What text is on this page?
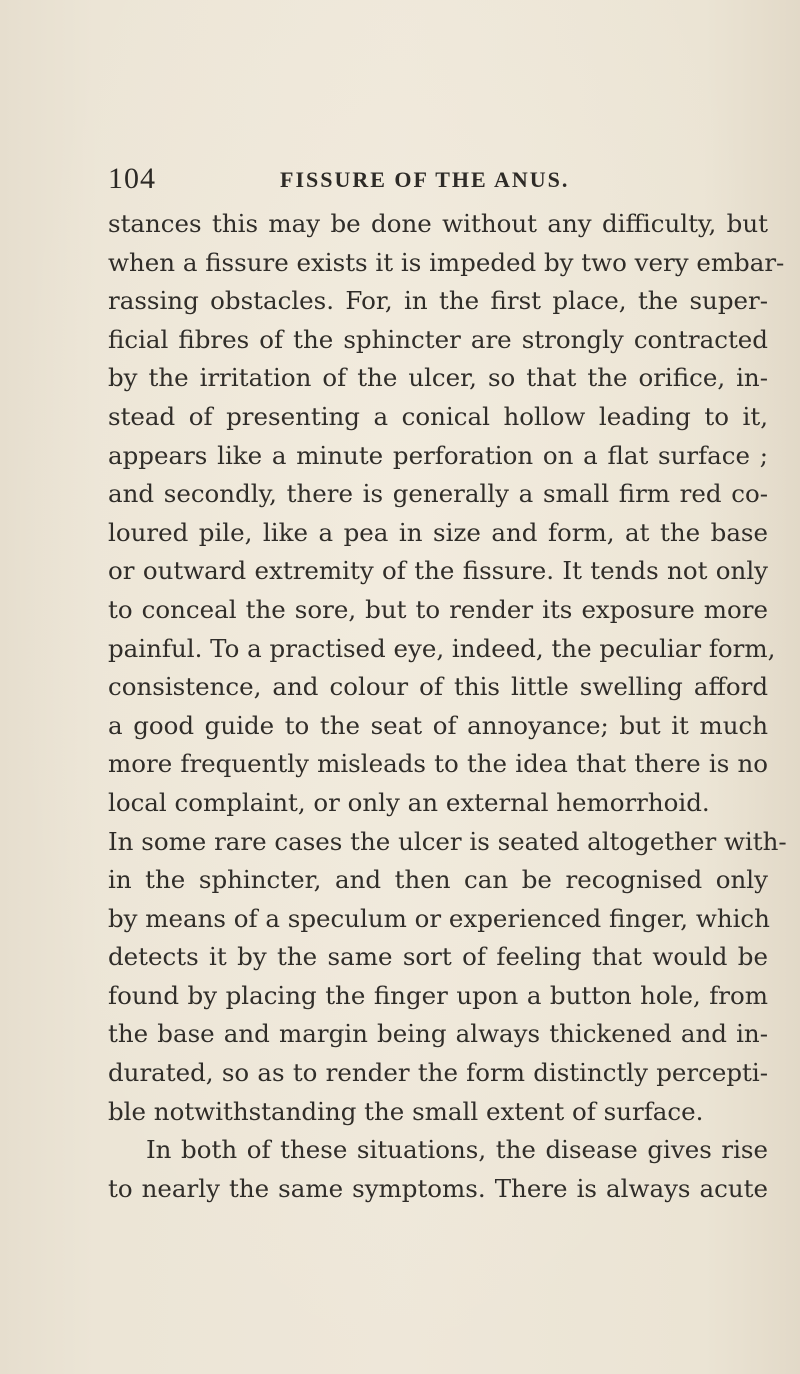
104	FISSURE OF THE ANUS.
stances this may be done without any difficulty, but
when a fissure exists it is impeded by two very embar-
rassing obstacles. For, in the first place, the super-
ficial fibres of the sphincter are strongly contracted
by the irritation of the ulcer, so that the orifice, in-
stead of presenting a conical hollow leading to it,
appears like a minute perforation on a flat surface ;
and secondly, there is generally a small firm red co-
loured pile, like a pea in size and form, at the base
or outward extremity of the fissure. It tends not only
to conceal the sore, but to render its exposure more
painful. To a practised eye, indeed, the peculiar form,
consistence, and colour of this little swelling afford
a good guide to the seat of annoyance; but it much
more frequently misleads to the idea that there is no
local complaint, or only an external hemorrhoid.
In some rare cases the ulcer is seated altogether with-
in the sphincter, and then can be recognised only
by means of a speculum or experienced finger, which
detects it by the same sort of feeling that would be
found by placing the finger upon a button hole, from
the base and margin being always thickened and in-
durated, so as to render the form distinctly percepti-
ble notwithstanding the small extent of surface.
In both of these situations, the disease gives rise
to nearly the same symptoms. There is always acute
